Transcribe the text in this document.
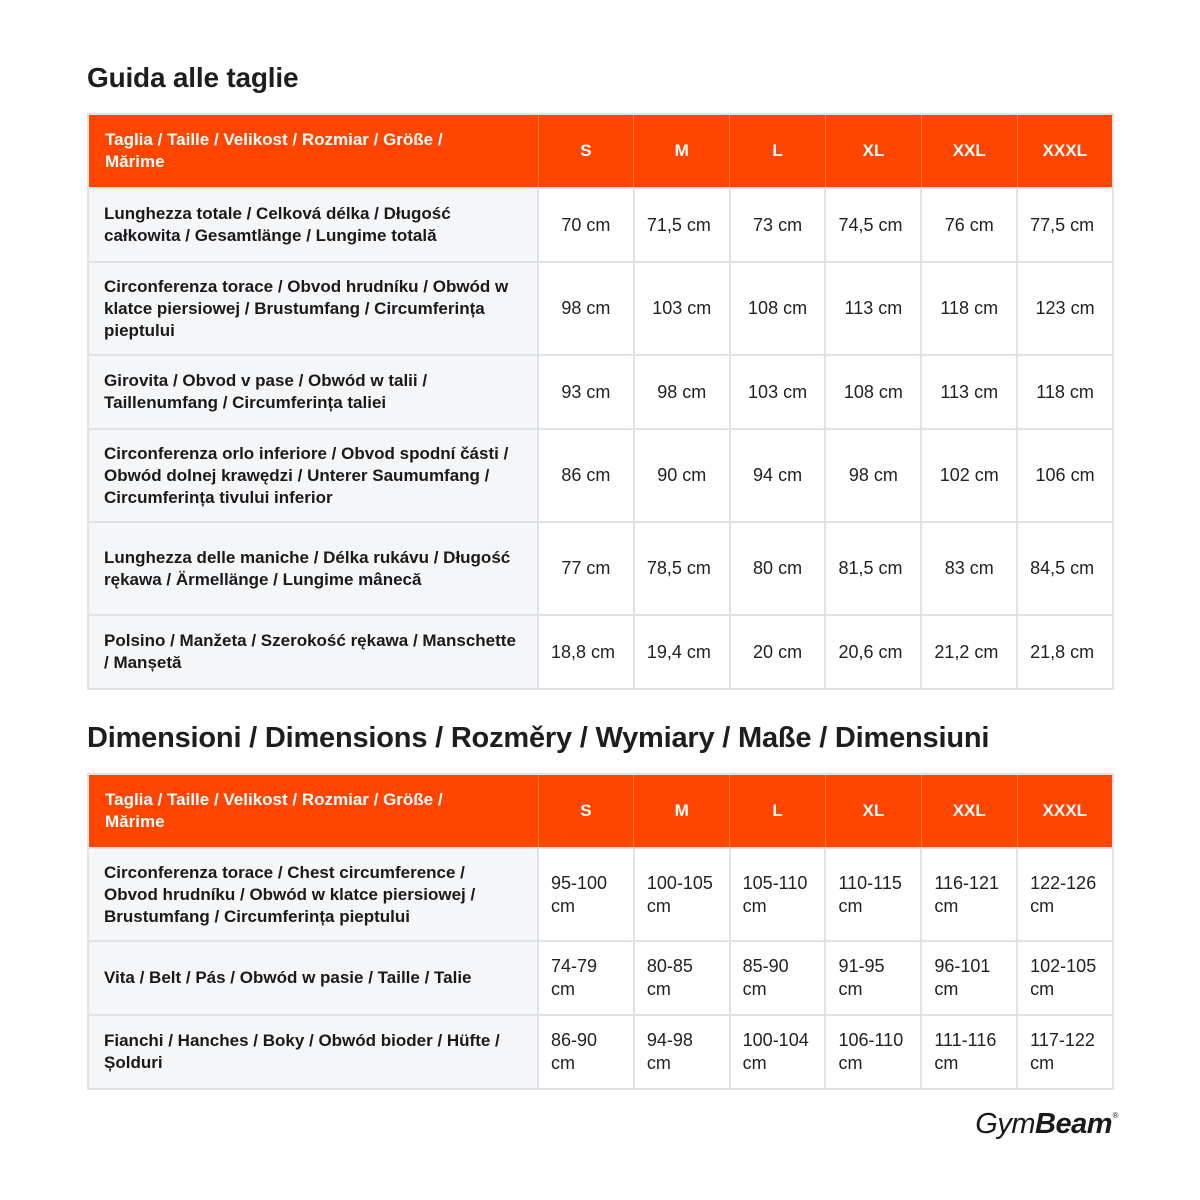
Guida alle taglie
Taglia / Taille / Velikost / Rozmiar / Größe / Mărime	S	M	L	XL	XXL	XXXL
Lunghezza totale / Celková délka / Długość całkowita / Gesamtlänge / Lungime totală	70 cm	71,5 cm	73 cm	74,5 cm	76 cm	77,5 cm
Circonferenza torace / Obvod hrudníku / Obwód w klatce piersiowej / Brustumfang / Circumferința pieptului	98 cm	103 cm	108 cm	113 cm	118 cm	123 cm
Girovita / Obvod v pase / Obwód w talii / Taillenumfang / Circumferința taliei	93 cm	98 cm	103 cm	108 cm	113 cm	118 cm
Circonferenza orlo inferiore / Obvod spodní části / Obwód dolnej krawędzi / Unterer Saumumfang / Circumferința tivului inferior	86 cm	90 cm	94 cm	98 cm	102 cm	106 cm
Lunghezza delle maniche / Délka rukávu / Długość rękawa / Ärmellänge / Lungime mânecă	77 cm	78,5 cm	80 cm	81,5 cm	83 cm	84,5 cm
Polsino / Manžeta / Szerokość rękawa / Manschette / Manșetă	18,8 cm	19,4 cm	20 cm	20,6 cm	21,2 cm	21,8 cm
Dimensioni / Dimensions / Rozměry / Wymiary / Maße / Dimensiuni
Taglia / Taille / Velikost / Rozmiar / Größe / Mărime	S	M	L	XL	XXL	XXXL
Circonferenza torace / Chest circumference / Obvod hrudníku / Obwód w klatce piersiowej / Brustumfang / Circumferința pieptului	95-100 cm	100-105 cm	105-110 cm	110-115 cm	116-121 cm	122-126 cm
Vita / Belt / Pás / Obwód w pasie / Taille / Talie	74-79 cm	80-85 cm	85-90 cm	91-95 cm	96-101 cm	102-105 cm
Fianchi / Hanches / Boky / Obwód bioder / Hüfte / Șolduri	86-90 cm	94-98 cm	100-104 cm	106-110 cm	111-116 cm	117-122 cm
GymBeam ®
